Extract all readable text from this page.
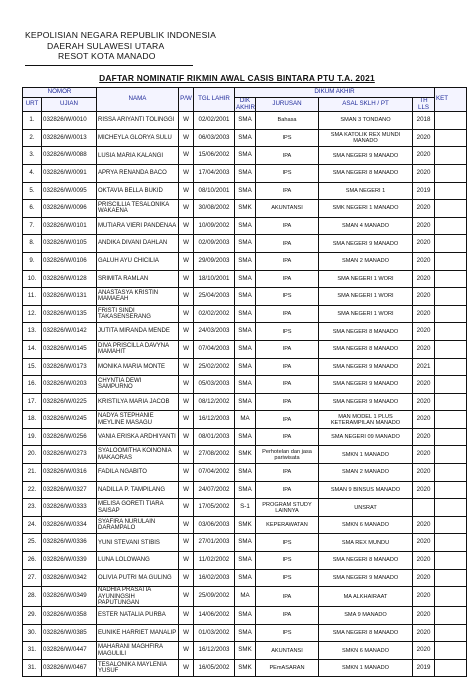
KEPOLISIAN NEGARA REPUBLIK INDONESIA
DAERAH SULAWESI UTARA
RESOT KOTA MANADO
DAFTAR NOMINATIF RIKMIN AWAL CASIS BINTARA PTU T.A. 2021
NOMOR		NAMA	P/W	TGL LAHIR	DIKUM AKHIR				KET
URT	UJIAN				DIK AKHIR	JURUSAN	ASAL SKLH / PT	TH LLS	
1.	032826/W/0010	RISSA ARIYANTI TOLINGGI	W	02/02/2001	SMA	Bahasa	SMAN 3 TONDANO	2018	
2.	032826/W/0013	MICHEYLA GLORYA SULU	W	06/03/2003	SMA	IPS	SMA KATOLIK REX MUNDI MANADO	2020	
3.	032826/W/0088	LUSIA MARIA KALANGI	W	15/06/2002	SMA	IPA	SMA NEGERI 9 MANADO	2020	
4.	032826/W/0091	APRYA RENANDA BACO	W	17/04/2003	SMA	IPS	SMA NEGERI 8 MANADO	2020	
5.	032826/W/0095	OKTAVIA BELLA BUKID	W	08/10/2001	SMA	IPA	SMA NEGERI 1	2019	
6.	032826/W/0096	PRISCILLIA TESALONIKA WAKAENA	W	30/08/2002	SMK	AKUNTANSI	SMK NEGERI 1 MANADO	2020	
7.	032826/W/0101	MUTIARA VIERI PANDENAA	W	10/09/2002	SMA	IPA	SMAN 4 MANADO	2020	
8.	032826/W/0105	ANDIKA DIVANI DAHLAN	W	02/09/2003	SMA	IPA	SMA NEGERI 9 MANADO	2020	
9.	032826/W/0106	GALUH AYU CHICILIA	W	29/09/2003	SMA	IPA	SMAN 2 MANADO	2020	
10.	032826/W/0128	SRIMITA RAMLAN	W	18/10/2001	SMA	IPA	SMA NEGERI 1 WORI	2020	
11.	032826/W/0131	ANASTASYA KRISTIN MAMAEAH	W	25/04/2003	SMA	IPS	SMA NEGERI 1 WORI	2020	
12.	032826/W/0135	FRISTI SINDI TAKASENSERANG	W	02/02/2002	SMA	IPA	SMA NEGERI 1 WORI	2020	
13.	032826/W/0142	JUTITA MIRANDA MENDE	W	24/03/2003	SMA	IPS	SMA NEGERI 8 MANADO	2020	
14.	032826/W/0145	DIVA PRISCILLA DAVYNA MAMAHIT	W	07/04/2003	SMA	IPA	SMA NEGERI 8 MANADO	2020	
15.	032826/W/0173	MONIKA MARIA MONTE	W	25/02/2002	SMA	IPA	SMA NEGERI 9 MANADO	2021	
16.	032826/W/0203	CHYNTIA DEWI SAMPURNO	W	05/03/2003	SMA	IPA	SMA NEGERI 9 MANADO	2020	
17.	032826/W/0225	KRISTILYA MARIA JACOB	W	08/12/2002	SMA	IPA	SMA NEGERI 9 MANADO	2020	
18.	032826/W/0245	NADYA STEPHANIE MEYLINE MASAGU	W	16/12/2003	MA	IPA	MAN MODEL 1 PLUS KETERAMPILAN MANADO	2020	
19.	032826/W/0256	VANIA ERISKA ARDHIYANTI	W	08/01/2003	SMA	IPA	SMA NEGERI 09 MANADO	2020	
20.	032826/W/0273	SYALOOMITHA KOINONIA MAKAORAS	W	27/08/2002	SMK	Perhotelan dan jasa pariwisata	SMKN 1 MANADO	2020	
21.	032826/W/0316	FADILA NGABITO	W	07/04/2002	SMA	IPA	SMAN 2 MANADO	2020	
22.	032826/W/0327	NADILLA P. TAMPILANG	W	24/07/2002	SMA	IPA	SMAN 9 BINSUS MANADO	2020	
23.	032826/W/0333	MELISA GORETI TIARA SAISAP	W	17/05/2002	S-1	PROGRAM STUDY LAINNYA	UNSRAT		
24.	032826/W/0334	SYAFIRA NURULAIN DARAMPALO	W	03/06/2003	SMK	KEPERAWATAN	SMKN 6 MANADO	2020	
25.	032826/W/0336	YUNI STEVANI STIBIS	W	27/01/2003	SMA	IPS	SMA REX MUNDU	2020	
26.	032826/W/0339	LUNA LOLOWANG	W	11/02/2002	SMA	IPS	SMA NEGERI 8 MANADO	2020	
27.	032826/W/0342	OLIVIA PUTRI MA GULING	W	16/02/2003	SMA	IPS	SMA NEGERI 9 MANADO	2020	
28.	032826/W/0349	NADHIA PRASATIA AYUNINGSIH PAPUTUNGAN	W	25/09/2002	MA	IPA	MA ALKHAIRAAT	2020	
29.	032826/W/0358	ESTER NATALIA PURBA	W	14/06/2002	SMA	IPA	SMA 9 MANADO	2020	
30.	032826/W/0385	EUNIKE HARRIET MANALIP	W	01/03/2002	SMA	IPS	SMA NEGERI 8 MANADO	2020	
31.	032826/W/0447	MAHARANI MAGHFIRA MAGULILI	W	16/12/2003	SMK	AKUNTANSI	SMKN 6 MANADO	2020	
31.	032826/W/0467	TESALONIKA MAYLENIA YUSUF	W	16/05/2002	SMK	PEmASARAN	SMKN 1 MANADO	2019	
